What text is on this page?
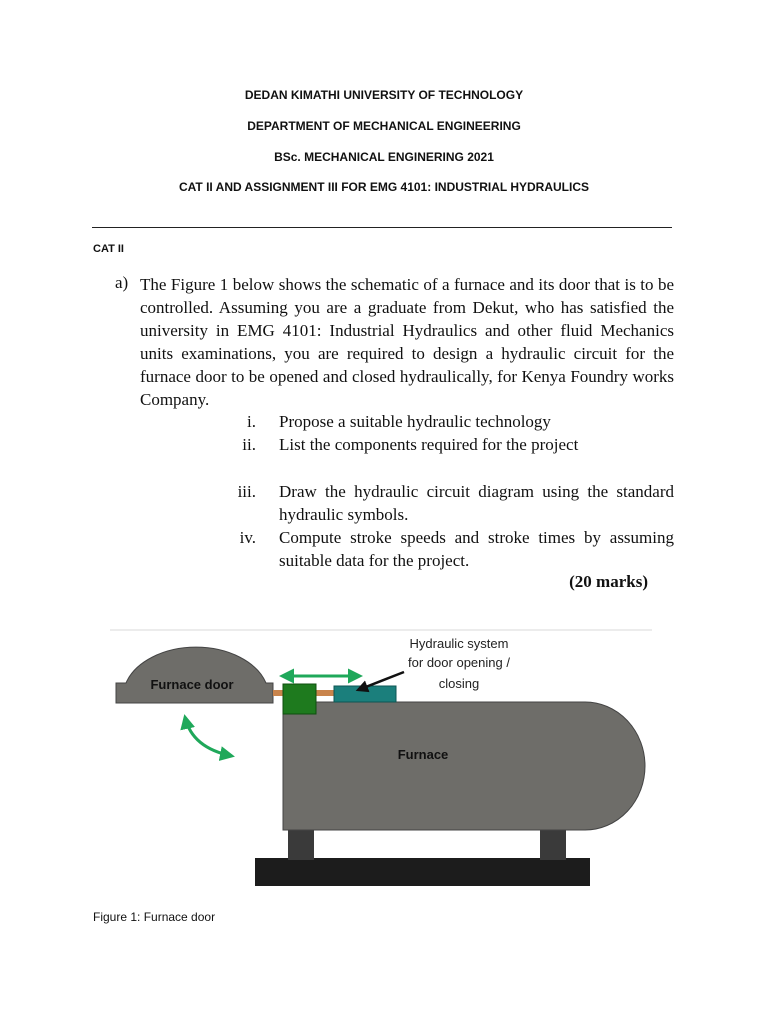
DEDAN KIMATHI UNIVERSITY OF TECHNOLOGY
DEPARTMENT OF MECHANICAL ENGINEERING
BSc. MECHANICAL ENGINERING 2021
CAT II AND ASSIGNMENT III FOR EMG 4101: INDUSTRIAL HYDRAULICS
CAT II
a) The Figure 1 below shows the schematic of a furnace and its door that is to be controlled. Assuming you are a graduate from Dekut, who has satisfied the university in EMG 4101: Industrial Hydraulics and other fluid Mechanics units examinations, you are required to design a hydraulic circuit for the furnace door to be opened and closed hydraulically, for Kenya Foundry works Company.
i. Propose a suitable hydraulic technology
ii. List the components required for the project
iii. Draw the hydraulic circuit diagram using the standard hydraulic symbols.
iv. Compute stroke speeds and stroke times by assuming suitable data for the project.
(20 marks)
Furnace door
Furnace
Hydraulic system
for door opening /
closing
Figure 1: Furnace door
